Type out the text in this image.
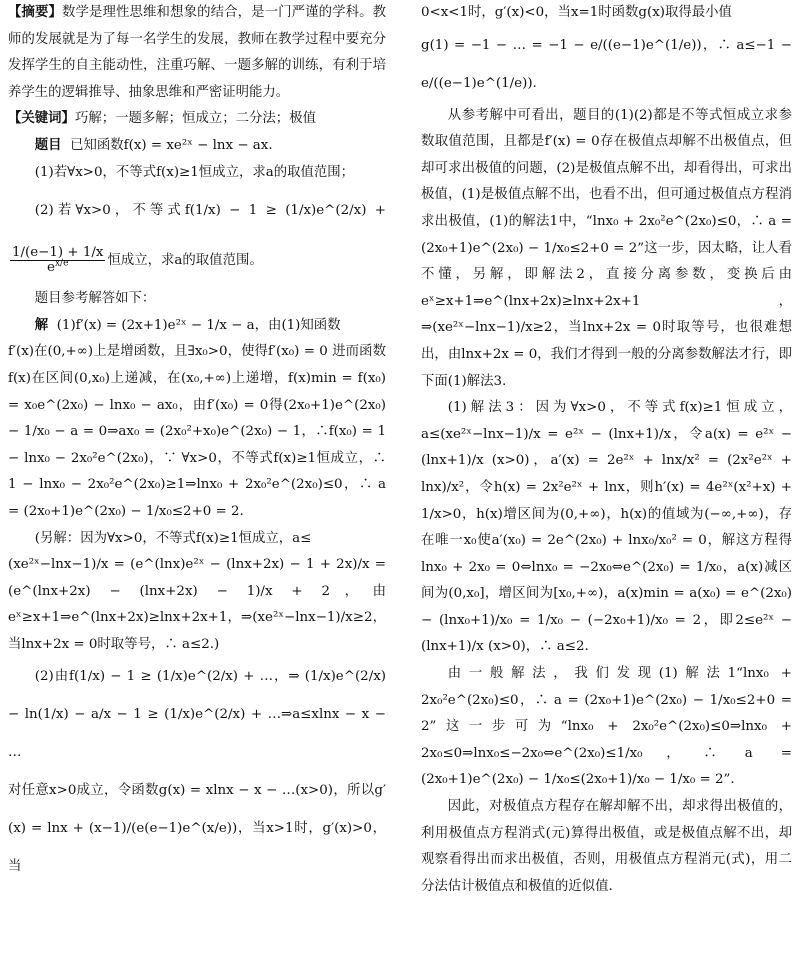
【摘要】数学是理性思维和想象的结合，是一门严谨的学科。教师的发展就是为了每一名学生的发展，教师在教学过程中要充分发挥学生的自主能动性，注重巧解、一题多解的训练，有利于培养学生的逻辑推导、抽象思维和严密证明能力。

【关键词】巧解；一题多解；恒成立；二分法；极值

题目 已知函数f(x) = xe²ˣ − lnx − ax.

(1)若∀x>0，不等式f(x)≥1恒成立，求a的取值范围；

(2)若∀x>0，不等式f(1/x) − 1 ≥ (1/x)e^(2/x) +
$\frac{1/(e-1) + 1/x}{e^{x/e}}$ 恒成立，求a的取值范围。

题目参考解答如下：

解 (1)f′(x) = (2x+1)e²ˣ − 1/x − a，由(1)知函数

f′(x)在(0,+∞)上是增函数，且∃x₀>0，使得f′(x₀) = 0 进而函数f(x)在区间(0,x₀)上递减，在(x₀,+∞)上递增，f(x)min = f(x₀) = x₀e^(2x₀) − lnx₀ − ax₀，由f′(x₀) = 0得(2x₀+1)e^(2x₀) − 1/x₀ − a = 0⇒ax₀ = (2x₀²+x₀)e^(2x₀) − 1，∴f(x₀) = 1 − lnx₀ − 2x₀²e^(2x₀)，∵ ∀x>0，不等式f(x)≥1恒成立，∴ 1 − lnx₀ − 2x₀²e^(2x₀)≥1⇒lnx₀ + 2x₀²e^(2x₀)≤0，∴ a = (2x₀+1)e^(2x₀) − 1/x₀≤2+0 = 2.

(另解：因为∀x>0，不等式f(x)≥1恒成立，a≤

(xe²ˣ−lnx−1)/x = (e^(lnx)e²ˣ − (lnx+2x) − 1 + 2x)/x = (e^(lnx+2x) − (lnx+2x) − 1)/x + 2，由eˣ≥x+1⇒e^(lnx+2x)≥lnx+2x+1，⇒(xe²ˣ−lnx−1)/x≥2，当lnx+2x = 0时取等号，∴ a≤2.)

(2)由f(1/x) − 1 ≥ (1/x)e^(2/x) + …，⇒ (1/x)e^(2/x) − ln(1/x) − a/x − 1 ≥ (1/x)e^(2/x) + …⇒a≤xlnx − x − …

对任意x>0成立，令函数g(x) = xlnx − x − …(x>0)，所以g′(x) = lnx + (x−1)/(e(e−1)e^(x/e))，当x>1时，g′(x)>0，当

0<x<1时，g′(x)<0，当x=1时函数g(x)取得最小值

g(1) = −1 − … = −1 − e/((e−1)e^(1/e))，∴ a≤−1 − e/((e−1)e^(1/e)).

从参考解中可看出，题目的(1)(2)都是不等式恒成立求参数取值范围，且都是f′(x) = 0存在极值点却解不出极值点，但却可求出极值的问题，(2)是极值点解不出，却看得出，可求出极值，(1)是极值点解不出，也看不出，但可通过极值点方程消求出极值，(1)的解法1中，“lnx₀ + 2x₀²e^(2x₀)≤0，∴ a = (2x₀+1)e^(2x₀) − 1/x₀≤2+0 = 2”这一步，因太略，让人看不懂，另解，即解法2，直接分离参数，变换后由eˣ≥x+1⇒e^(lnx+2x)≥lnx+2x+1，⇒(xe²ˣ−lnx−1)/x≥2，当lnx+2x = 0时取等号，也很难想出，由lnx+2x = 0，我们才得到一般的分离参数解法才行，即下面(1)解法3.

(1)解法3：因为∀x>0，不等式f(x)≥1恒成立，a≤(xe²ˣ−lnx−1)/x = e²ˣ − (lnx+1)/x，令a(x) = e²ˣ − (lnx+1)/x (x>0)，a′(x) = 2e²ˣ + lnx/x² = (2x²e²ˣ + lnx)/x²，令h(x) = 2x²e²ˣ + lnx，则h′(x) = 4e²ˣ(x²+x) + 1/x>0，h(x)增区间为(0,+∞)，h(x)的值域为(−∞,+∞)，存在唯一x₀使a′(x₀) = 2e^(2x₀) + lnx₀/x₀² = 0，解这方程得lnx₀ + 2x₀ = 0⇔lnx₀ = −2x₀⇔e^(2x₀) = 1/x₀，a(x)减区间为(0,x₀]，增区间为[x₀,+∞)，a(x)min = a(x₀) = e^(2x₀) − (lnx₀+1)/x₀ = 1/x₀ − (−2x₀+1)/x₀ = 2，即2≤e²ˣ − (lnx+1)/x (x>0)，∴ a≤2.

由一般解法，我们发现(1)解法1“lnx₀ + 2x₀²e^(2x₀)≤0，∴ a = (2x₀+1)e^(2x₀) − 1/x₀≤2+0 = 2”这一步可为“lnx₀ + 2x₀²e^(2x₀)≤0⇒lnx₀ + 2x₀≤0⇒lnx₀≤−2x₀⇔e^(2x₀)≤1/x₀，∴ a = (2x₀+1)e^(2x₀) − 1/x₀≤(2x₀+1)/x₀ − 1/x₀ = 2”.

因此，对极值点方程存在解却解不出，却求得出极值的，利用极值点方程消式(元)算得出极值，或是极值点解不出，却观察看得出而求出极值，否则，用极值点方程消元(式)，用二分法估计极值点和极值的近似值.
